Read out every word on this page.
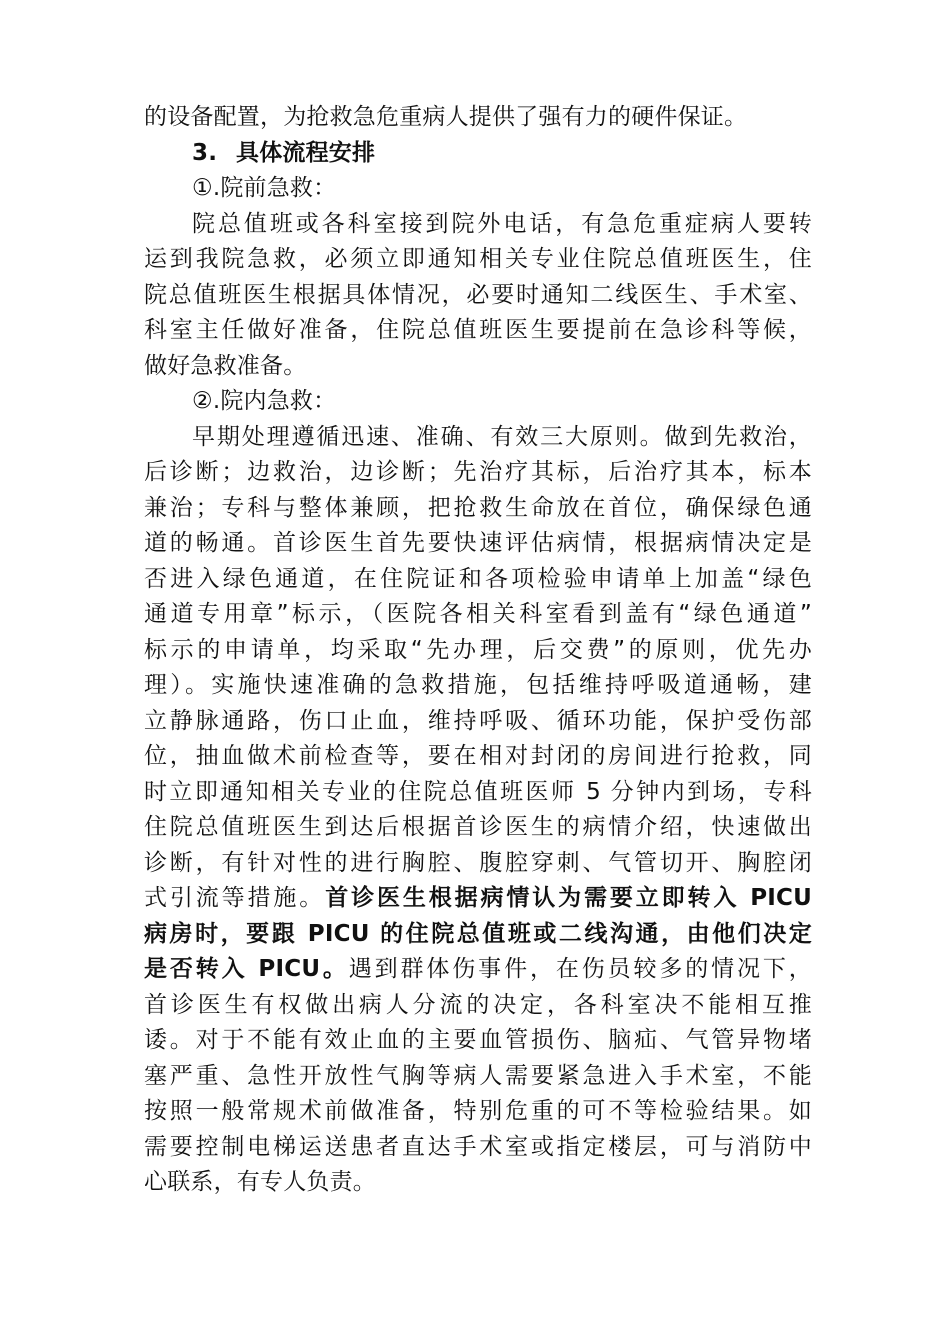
的设备配置，为抢救急危重病人提供了强有力的硬件保证。
3. 具体流程安排
①.院前急救：
院总值班或各科室接到院外电话，有急危重症病人要转
运到我院急救，必须立即通知相关专业住院总值班医生，住
院总值班医生根据具体情况，必要时通知二线医生、手术室、
科室主任做好准备，住院总值班医生要提前在急诊科等候，
做好急救准备。
②.院内急救：
早期处理遵循迅速、准确、有效三大原则。做到先救治，
后诊断；边救治，边诊断；先治疗其标，后治疗其本，标本
兼治；专科与整体兼顾，把抢救生命放在首位，确保绿色通
道的畅通。首诊医生首先要快速评估病情，根据病情决定是
否进入绿色通道，在住院证和各项检验申请单上加盖“绿色
通道专用章”标示，（医院各相关科室看到盖有“绿色通道”
标示的申请单，均采取“先办理，后交费”的原则，优先办
理）。实施快速准确的急救措施，包括维持呼吸道通畅，建
立静脉通路，伤口止血，维持呼吸、循环功能，保护受伤部
位，抽血做术前检查等，要在相对封闭的房间进行抢救，同
时立即通知相关专业的住院总值班医师 5 分钟内到场，专科
住院总值班医生到达后根据首诊医生的病情介绍，快速做出
诊断，有针对性的进行胸腔、腹腔穿刺、气管切开、胸腔闭
式引流等措施。首诊医生根据病情认为需要立即转入 PICU
病房时，要跟 PICU 的住院总值班或二线沟通，由他们决定
是否转入 PICU。遇到群体伤事件，在伤员较多的情况下，
首诊医生有权做出病人分流的决定，各科室决不能相互推
诿。对于不能有效止血的主要血管损伤、脑疝、气管异物堵
塞严重、急性开放性气胸等病人需要紧急进入手术室，不能
按照一般常规术前做准备，特别危重的可不等检验结果。如
需要控制电梯运送患者直达手术室或指定楼层，可与消防中
心联系，有专人负责。
